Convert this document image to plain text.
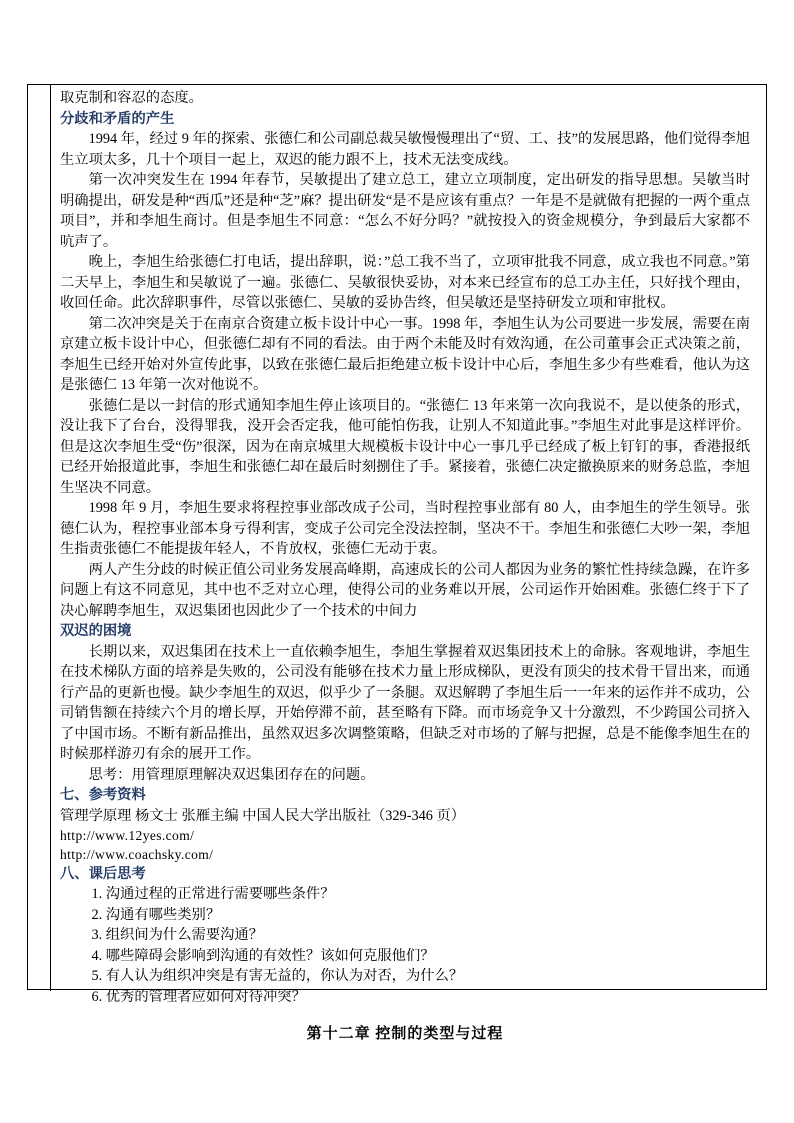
取克制和容忍的态度。

分歧和矛盾的产生

1994 年，经过 9 年的探索、张德仁和公司副总裁吴敏慢慢理出了“贸、工、技”的发展思路，他们觉得李旭生立项太多，几十个项目一起上，双迟的能力跟不上，技术无法变成线。

第一次冲突发生在 1994 年春节，吴敏提出了建立总工，建立立项制度，定出研发的指导思想。吴敏当时明确提出，研发是种“西瓜”还是种“芝”麻？提出研发“是不是应该有重点？一年是不是就做有把握的一两个重点项目”，并和李旭生商讨。但是李旭生不同意：“怎么不好分吗？”就按投入的资金规模分，争到最后大家都不吭声了。

晚上，李旭生给张德仁打电话，提出辞职，说：”总工我不当了，立项审批我不同意，成立我也不同意。”第二天早上，李旭生和吴敏说了一遍。张德仁、吴敏很快妥协，对本来已经宣布的总工办主任，只好找个理由，收回任命。此次辞职事件，尽管以张德仁、吴敏的妥协告终，但吴敏还是坚持研发立项和审批权。

第二次冲突是关于在南京合资建立板卡设计中心一事。1998 年，李旭生认为公司要进一步发展，需要在南京建立板卡设计中心，但张德仁却有不同的看法。由于两个未能及时有效沟通，在公司董事会正式决策之前，李旭生已经开始对外宣传此事，以致在张德仁最后拒绝建立板卡设计中心后，李旭生多少有些难看，他认为这是张德仁 13 年第一次对他说不。

张德仁是以一封信的形式通知李旭生停止该项目的。“张德仁 13 年来第一次向我说不，是以使条的形式，没让我下了台台，没得罪我，没开会否定我，他可能怕伤我，让别人不知道此事。”李旭生对此事是这样评价。但是这次李旭生受“伤”很深，因为在南京城里大规模板卡设计中心一事几乎已经成了板上钉钉的事，香港报纸已经开始报道此事，李旭生和张德仁却在最后时刻捌住了手。紧接着，张德仁决定撤换原来的财务总监，李旭生坚决不同意。

1998 年 9 月，李旭生要求将程控事业部改成子公司，当时程控事业部有 80 人，由李旭生的学生领导。张德仁认为，程控事业部本身亏得利害，变成子公司完全没法控制，坚决不干。李旭生和张德仁大吵一架，李旭生指责张德仁不能提拔年轻人，不肯放权，张德仁无动于衷。

两人产生分歧的时候正值公司业务发展高峰期，高速成长的公司人都因为业务的繁忙性持续急躁，在许多问题上有这不同意见，其中也不乏对立心理，使得公司的业务难以开展，公司运作开始困难。张德仁终于下了决心解聘李旭生，双迟集团也因此少了一个技术的中间力

双迟的困境

长期以来，双迟集团在技术上一直依赖李旭生，李旭生掌握着双迟集团技术上的命脉。客观地讲，李旭生在技术梯队方面的培养是失败的，公司没有能够在技术力量上形成梯队，更没有顶尖的技术骨干冒出来，而通行产品的更新也慢。缺少李旭生的双迟，似乎少了一条腿。双迟解聘了李旭生后一一年来的运作并不成功，公司销售额在持续六个月的增长厚，开始停滞不前，甚至略有下降。而市场竞争又十分激烈，不少跨国公司挤入了中国市场。不断有新品推出，虽然双迟多次调整策略，但缺乏对市场的了解与把握，总是不能像李旭生在的时候那样游刃有余的展开工作。

思考：用管理原理解决双迟集团存在的问题。

七、参考资料

管理学原理 杨文士 张雁主编 中国人民大学出版社（329-346 页）

http://www.12yes.com/

http://www.coachsky.com/

八、课后思考

1. 沟通过程的正常进行需要哪些条件？
2. 沟通有哪些类别？
3. 组织间为什么需要沟通？
4. 哪些障碍会影响到沟通的有效性？该如何克服他们？
5. 有人认为组织冲突是有害无益的，你认为对否，为什么？
6. 优秀的管理者应如何对待冲突？

第十二章 控制的类型与过程
